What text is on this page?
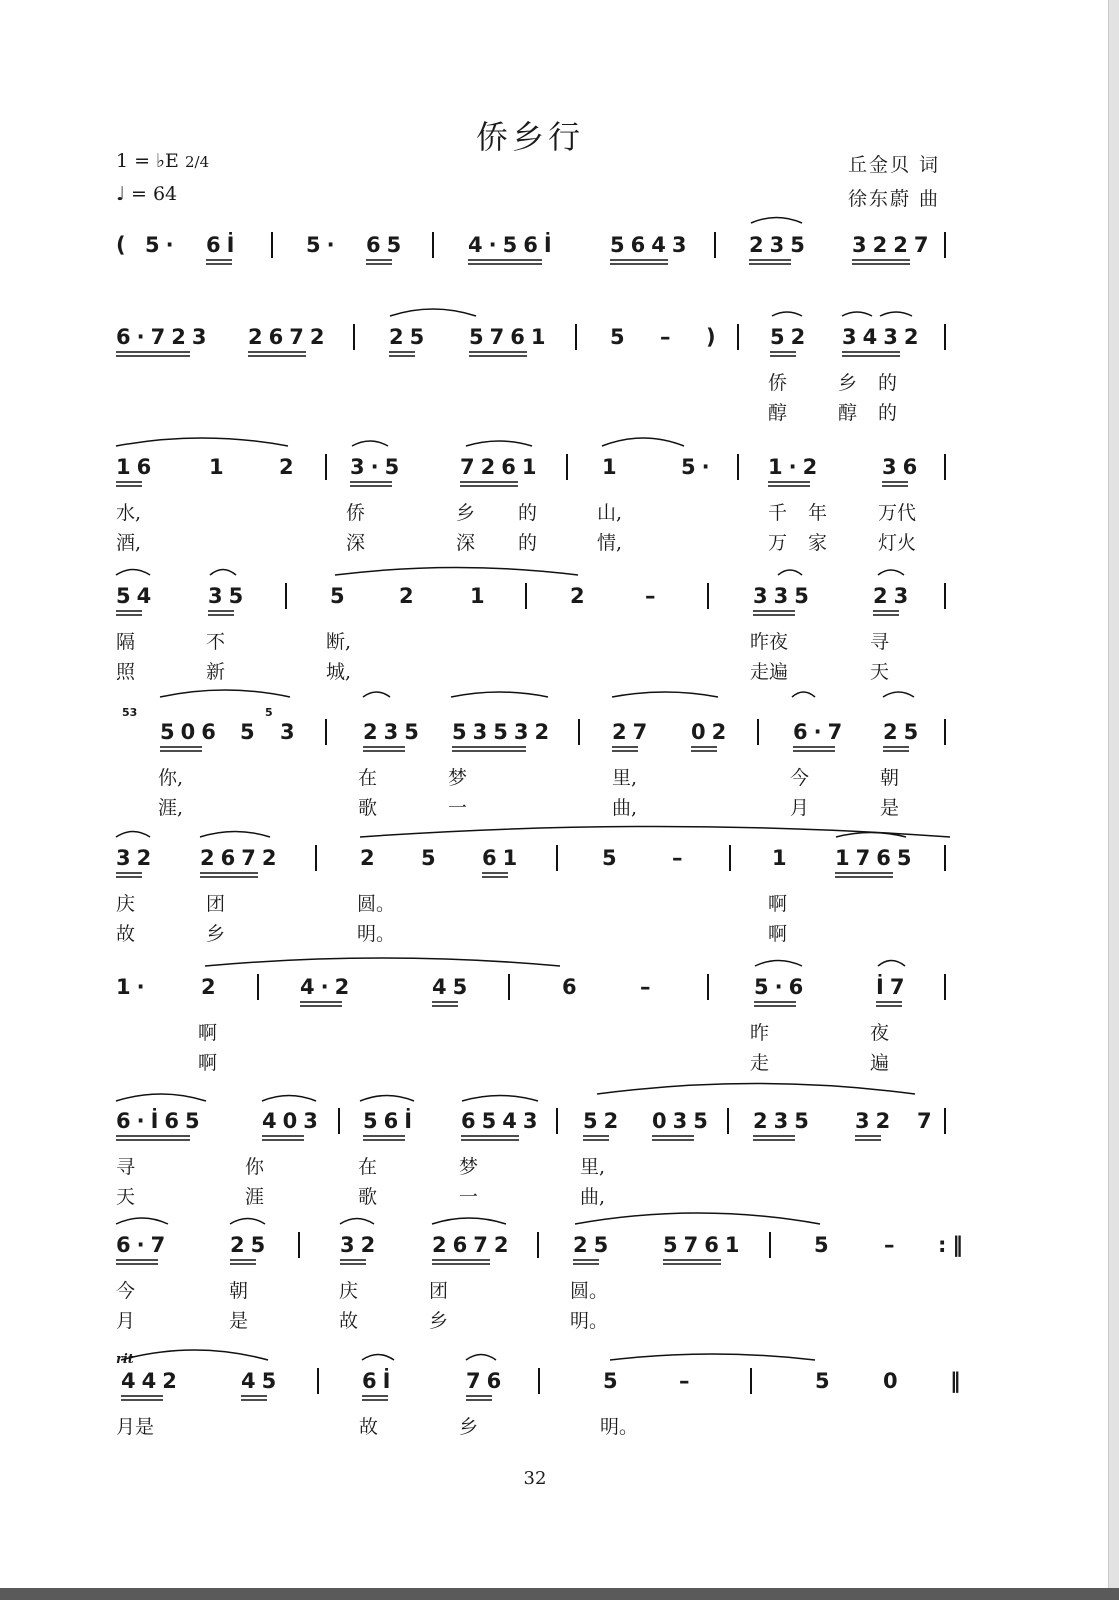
侨乡行
1 = ♭E 2/4
♩ = 64
丘金贝 词
徐东蔚 曲
( 5· 6İ	5· 65	4·56İ 5643	235 3227
6·723 2672	25 5761	5 – ) 52 3432
侨	乡 的
醇	醇 的
16 1 2 3·5	7261	1	5· 1·2	36
水,	侨	乡 的	山,	千 年	万代
酒,	深	深 的	情,	万 家	灯火
54 35	5 2 1	2	–	335	23
隔	不	断,	昨夜	寻
照	新	城,	走遍	天
506 5 3	235 53532	27 02	6·7 25
53	5
你,	在	梦	里,	今	朝
涯,	歌	一	曲,	月	是
32 2672	2 5 61	5 –	1 1765
庆	团	圆。	啊
故	乡	明。	啊
1· 2	4·2	45	6	–	5·6	İ7
啊	昨	夜
啊	走	遍
6·İ65	403 56İ 6543 52 035 235 32 7
寻	你	在	梦	里,
天	涯	歌	一	曲,
6·7	25	32 2672	25 5761	5 – :‖
今	朝	庆	团	圆。
月	是	故	乡	明。
442	45	6İ	76	5	–	5 0 ‖
rit
月是	故	乡	明。
32
